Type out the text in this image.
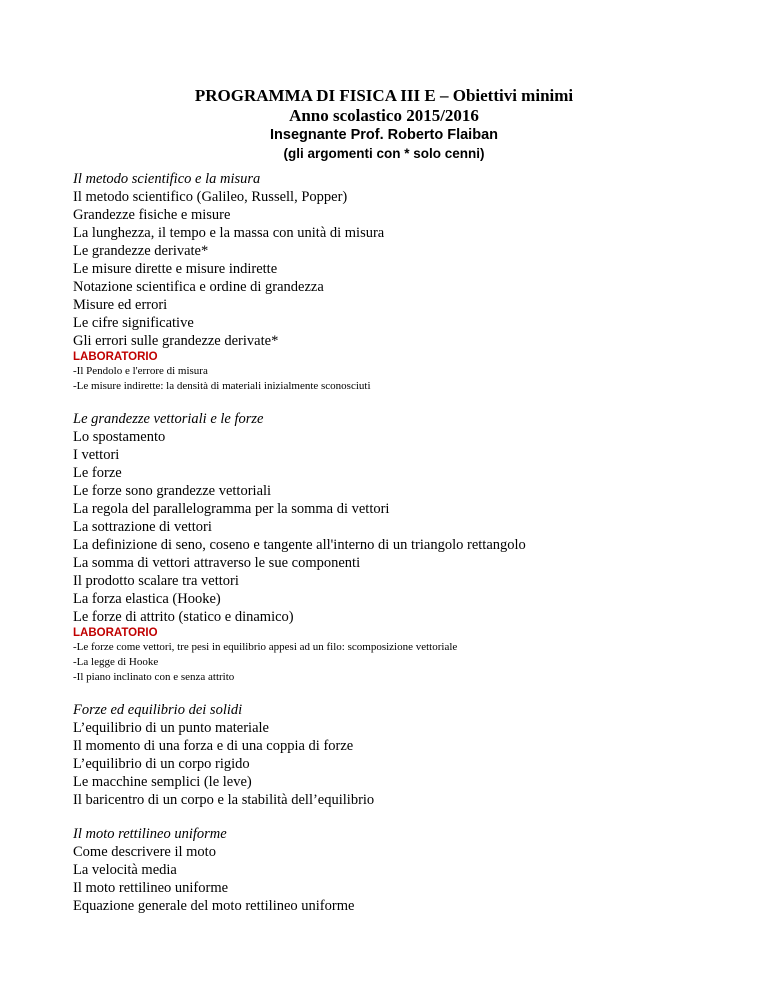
PROGRAMMA DI FISICA III E – Obiettivi minimi
Anno scolastico 2015/2016
Insegnante Prof. Roberto Flaiban
(gli argomenti con * solo cenni)
Il metodo scientifico e la misura
Il metodo scientifico (Galileo, Russell, Popper)
Grandezze fisiche e misure
La lunghezza, il tempo e la massa con unità di misura
Le grandezze derivate*
Le misure dirette e misure indirette
Notazione scientifica e ordine di grandezza
Misure ed errori
Le cifre significative
Gli errori sulle grandezze derivate*
LABORATORIO
-Il Pendolo e l'errore di misura
-Le misure indirette: la densità di materiali inizialmente sconosciuti
Le grandezze vettoriali e le forze
Lo spostamento
I vettori
Le forze
Le forze sono grandezze vettoriali
La regola del parallelogramma per la somma di vettori
La sottrazione di vettori
La definizione di seno, coseno e tangente all'interno di un triangolo rettangolo
La somma di vettori attraverso le sue componenti
Il prodotto scalare tra vettori
La forza elastica (Hooke)
Le forze di attrito (statico e dinamico)
LABORATORIO
-Le forze come vettori, tre pesi in equilibrio appesi ad un filo: scomposizione vettoriale
-La legge di Hooke
-Il piano inclinato con e senza attrito
Forze ed equilibrio dei solidi
L’equilibrio di un punto materiale
Il momento di una forza e di una coppia di forze
L’equilibrio di un corpo rigido
Le macchine semplici (le leve)
Il baricentro di un corpo e la stabilità dell’equilibrio
Il moto rettilineo uniforme
Come descrivere il moto
La velocità media
Il moto rettilineo uniforme
Equazione generale del moto rettilineo uniforme
